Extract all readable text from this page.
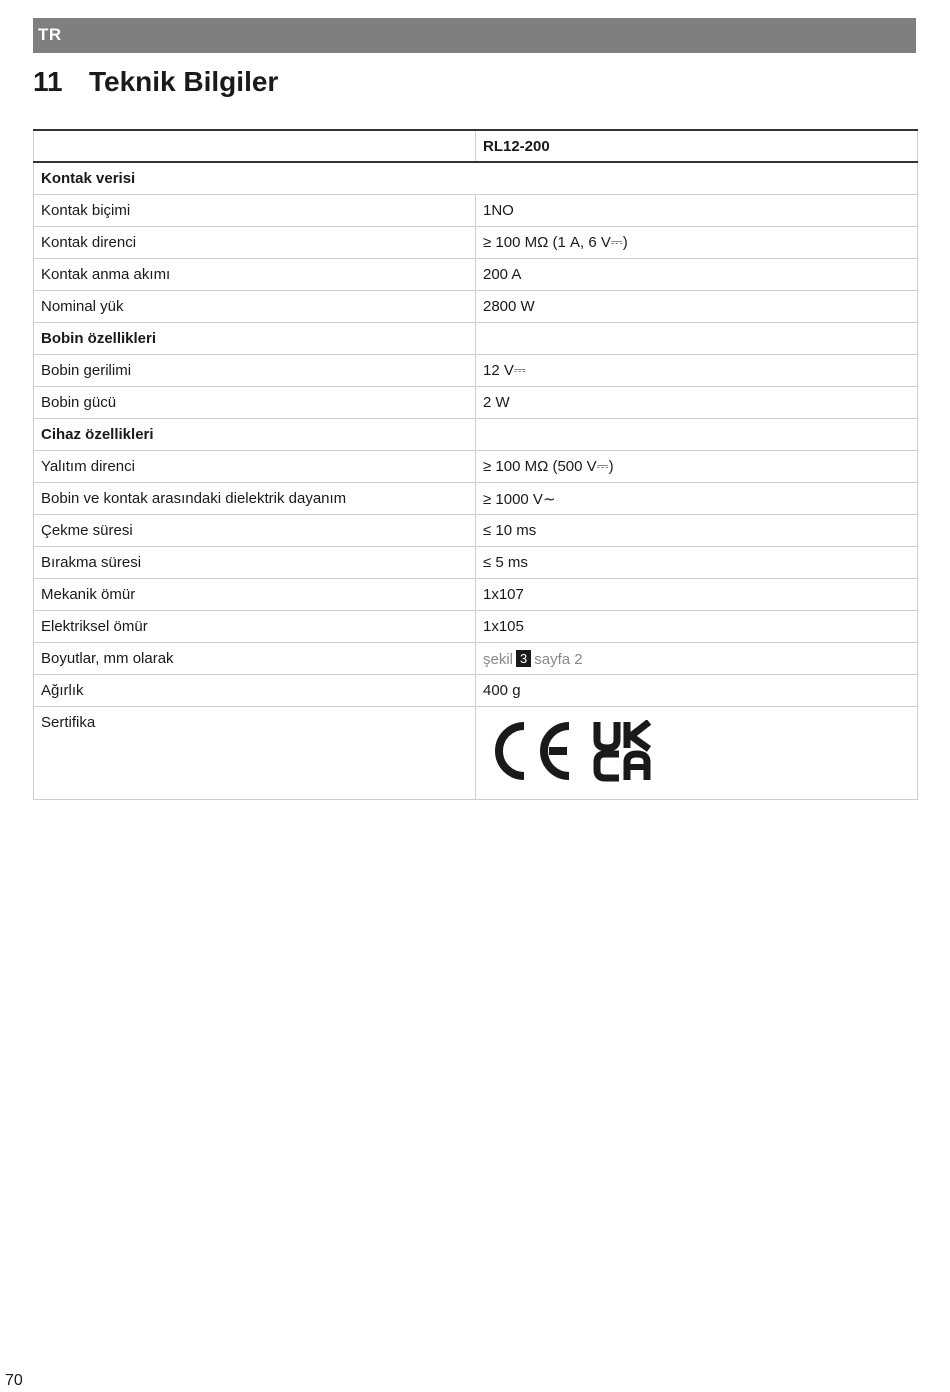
TR
11 Teknik Bilgiler
	RL12-200
Kontak verisi	
Kontak biçimi	1NO
Kontak direnci	≥ 100 MΩ (1 A, 6 V⎓)
Kontak anma akımı	200 A
Nominal yük	2800 W
Bobin özellikleri	
Bobin gerilimi	12 V⎓
Bobin gücü	2 W
Cihaz özellikleri	
Yalıtım direnci	≥ 100 MΩ (500 V⎓)
Bobin ve kontak arasındaki dielektrik dayanım	≥ 1000 V∼
Çekme süresi	≤ 10 ms
Bırakma süresi	≤ 5 ms
Mekanik ömür	1x107
Elektriksel ömür	1x105
Boyutlar, mm olarak	şekil 3 sayfa 2
Ağırlık	400 g
Sertifika	
70
